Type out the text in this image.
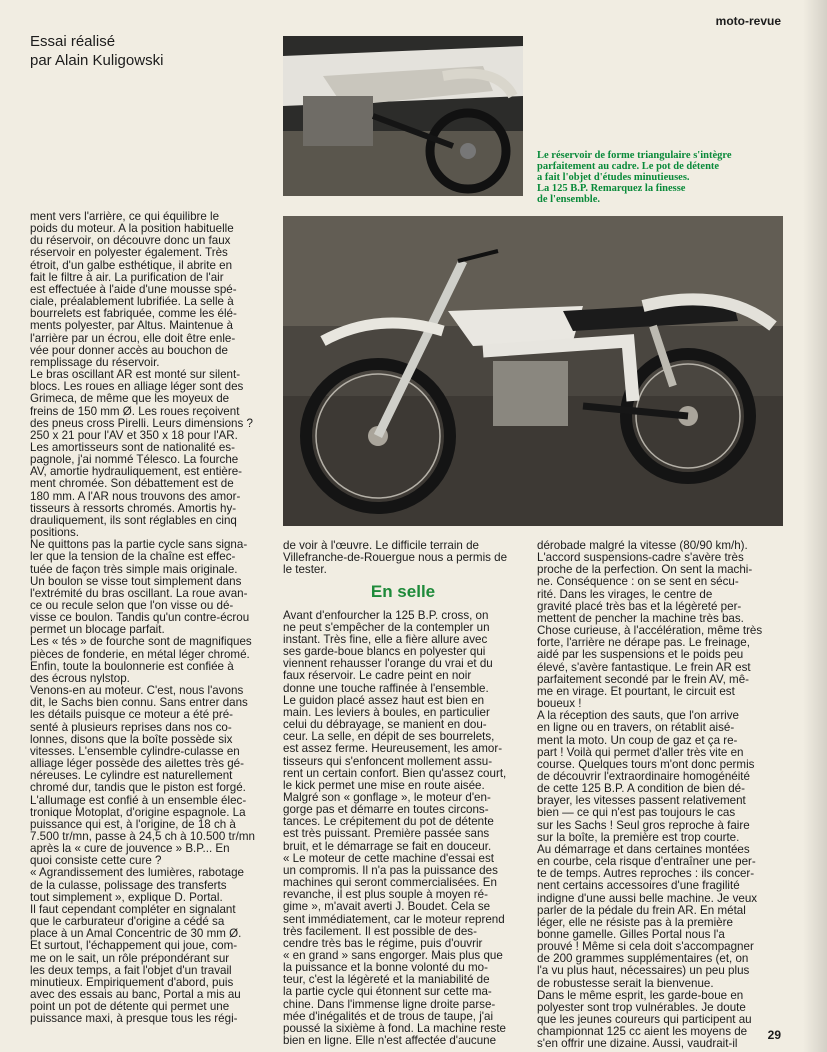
moto-revue
Essai réalisé
par Alain Kuligowski
Le réservoir de forme triangulaire s'intègre
parfaitement au cadre. Le pot de détente
a fait l'objet d'études minutieuses.
La 125 B.P. Remarquez la finesse
de l'ensemble.
ment vers l'arrière, ce qui équilibre le
poids du moteur. A la position habituelle
du réservoir, on découvre donc un faux
réservoir en polyester également. Très
étroit, d'un galbe esthétique, il abrite en
fait le filtre à air. La purification de l'air
est effectuée à l'aide d'une mousse spé-
ciale, préalablement lubrifiée. La selle à
bourrelets est fabriquée, comme les élé-
ments polyester, par Altus. Maintenue à
l'arrière par un écrou, elle doit être enle-
vée pour donner accès au bouchon de
remplissage du réservoir.
Le bras oscillant AR est monté sur silent-
blocs. Les roues en alliage léger sont des
Grimeca, de même que les moyeux de
freins de 150 mm Ø. Les roues reçoivent
des pneus cross Pirelli. Leurs dimensions ?
250 x 21 pour l'AV et 350 x 18 pour l'AR.
Les amortisseurs sont de nationalité es-
pagnole, j'ai nommé Télesco. La fourche
AV, amortie hydrauliquement, est entière-
ment chromée. Son débattement est de
180 mm. A l'AR nous trouvons des amor-
tisseurs à ressorts chromés. Amortis hy-
drauliquement, ils sont réglables en cinq
positions.
Ne quittons pas la partie cycle sans signa-
ler que la tension de la chaîne est effec-
tuée de façon très simple mais originale.
Un boulon se visse tout simplement dans
l'extrémité du bras oscillant. La roue avan-
ce ou recule selon que l'on visse ou dé-
visse ce boulon. Tandis qu'un contre-écrou
permet un blocage parfait.
Les « tés » de fourche sont de magnifiques
pièces de fonderie, en métal léger chromé.
Enfin, toute la boulonnerie est confiée à
des écrous nylstop.
Venons-en au moteur. C'est, nous l'avons
dit, le Sachs bien connu. Sans entrer dans
les détails puisque ce moteur a été pré-
senté à plusieurs reprises dans nos co-
lonnes, disons que la boîte possède six
vitesses. L'ensemble cylindre-culasse en
alliage léger possède des ailettes très gé-
néreuses. Le cylindre est naturellement
chromé dur, tandis que le piston est forgé.
L'allumage est confié à un ensemble élec-
tronique Motoplat, d'origine espagnole. La
puissance qui est, à l'origine, de 18 ch à
7.500 tr/mn, passe à 24,5 ch à 10.500 tr/mn
après la « cure de jouvence » B.P... En
quoi consiste cette cure ?
« Agrandissement des lumières, rabotage
de la culasse, polissage des transferts
tout simplement », explique D. Portal.
Il faut cependant compléter en signalant
que le carburateur d'origine a cédé sa
place à un Amal Concentric de 30 mm Ø.
Et surtout, l'échappement qui joue, com-
me on le sait, un rôle prépondérant sur
les deux temps, a fait l'objet d'un travail
minutieux. Empiriquement d'abord, puis
avec des essais au banc, Portal a mis au
point un pot de détente qui permet une
puissance maxi, à presque tous les régi-
de voir à l'œuvre. Le difficile terrain de
Villefranche-de-Rouergue nous a permis de
le tester.
En selle
Avant d'enfourcher la 125 B.P. cross, on
ne peut s'empêcher de la contempler un
instant. Très fine, elle a fière allure avec
ses garde-boue blancs en polyester qui
viennent rehausser l'orange du vrai et du
faux réservoir. Le cadre peint en noir
donne une touche raffinée à l'ensemble.
Le guidon placé assez haut est bien en
main. Les leviers à boules, en particulier
celui du débrayage, se manient en dou-
ceur. La selle, en dépit de ses bourrelets,
est assez ferme. Heureusement, les amor-
tisseurs qui s'enfoncent mollement assu-
rent un certain confort. Bien qu'assez court,
le kick permet une mise en route aisée.
Malgré son « gonflage », le moteur d'en-
gorge pas et démarre en toutes circons-
tances. Le crépitement du pot de détente
est très puissant. Première passée sans
bruit, et le démarrage se fait en douceur.
« Le moteur de cette machine d'essai est
un compromis. Il n'a pas la puissance des
machines qui seront commercialisées. En
revanche, il est plus souple à moyen ré-
gime », m'avait averti J. Boudet. Cela se
sent immédiatement, car le moteur reprend
très facilement. Il est possible de des-
cendre très bas le régime, puis d'ouvrir
« en grand » sans engorger. Mais plus que
la puissance et la bonne volonté du mo-
teur, c'est la légèreté et la maniabilité de
la partie cycle qui étonnent sur cette ma-
chine. Dans l'immense ligne droite parse-
mée d'inégalités et de trous de taupe, j'ai
poussé la sixième à fond. La machine reste
bien en ligne. Elle n'est affectée d'aucune
dérobade malgré la vitesse (80/90 km/h).
L'accord suspensions-cadre s'avère très
proche de la perfection. On sent la machi-
ne. Conséquence : on se sent en sécu-
rité. Dans les virages, le centre de
gravité placé très bas et la légèreté per-
mettent de pencher la machine très bas.
Chose curieuse, à l'accélération, même très
forte, l'arrière ne dérape pas. Le freinage,
aidé par les suspensions et le poids peu
élevé, s'avère fantastique. Le frein AR est
parfaitement secondé par le frein AV, mê-
me en virage. Et pourtant, le circuit est
boueux !
A la réception des sauts, que l'on arrive
en ligne ou en travers, on rétablit aisé-
ment la moto. Un coup de gaz et ça re-
part ! Voilà qui permet d'aller très vite en
course. Quelques tours m'ont donc permis
de découvrir l'extraordinaire homogénéité
de cette 125 B.P. A condition de bien dé-
brayer, les vitesses passent relativement
bien — ce qui n'est pas toujours le cas
sur les Sachs ! Seul gros reproche à faire
sur la boîte, la première est trop courte.
Au démarrage et dans certaines montées
en courbe, cela risque d'entraîner une per-
te de temps. Autres reproches : ils concer-
nent certains accessoires d'une fragilité
indigne d'une aussi belle machine. Je veux
parler de la pédale du frein AR. En métal
léger, elle ne résiste pas à la première
bonne gamelle. Gilles Portal nous l'a
prouvé ! Même si cela doit s'accompagner
de 200 grammes supplémentaires (et, on
l'a vu plus haut, nécessaires) un peu plus
de robustesse serait la bienvenue.
Dans le même esprit, les garde-boue en
polyester sont trop vulnérables. Je doute
que les jeunes coureurs qui participent au
championnat 125 cc aient les moyens de
s'en offrir une dizaine. Aussi, vaudrait-il
29
